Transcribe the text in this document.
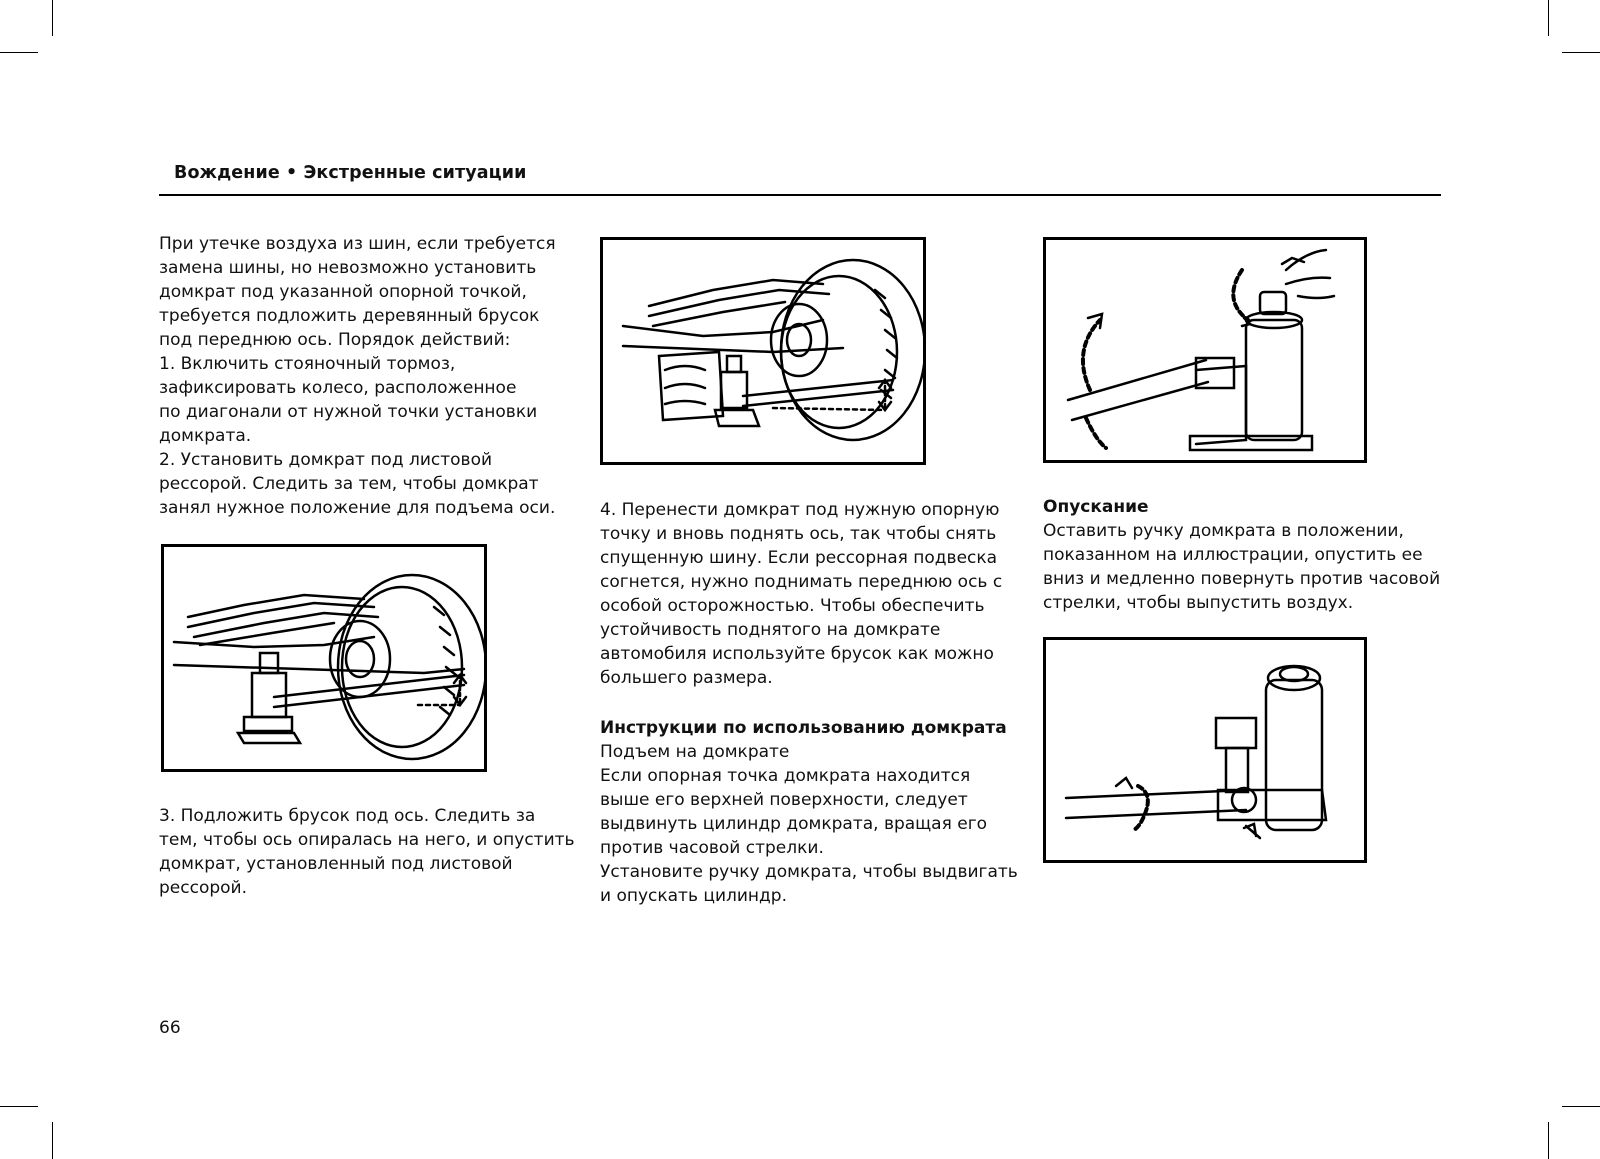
Вождение • Экстренные ситуации
При утечке воздуха из шин, если требуется
замена шины, но невозможно установить
домкрат под указанной опорной точкой,
требуется подложить деревянный брусок
под переднюю ось. Порядок действий:
1. Включить стояночный тормоз,
зафиксировать колесо, расположенное
по диагонали от нужной точки установки
домкрата.
2. Установить домкрат под листовой
рессорой. Следить за тем, чтобы домкрат
занял нужное положение для подъема оси.
3. Подложить брусок под ось. Следить за
тем, чтобы ось опиралась на него, и опустить
домкрат, установленный под листовой
рессорой.
4. Перенести домкрат под нужную опорную
точку и вновь поднять ось, так чтобы снять
спущенную шину. Если рессорная подвеска
согнется, нужно поднимать переднюю ось с
особой осторожностью. Чтобы обеспечить
устойчивость поднятого на домкрате
автомобиля используйте брусок как можно
большего размера.
Инструкции по использованию домкрата
Подъем на домкрате
Если опорная точка домкрата находится
выше его верхней поверхности, следует
выдвинуть цилиндр домкрата, вращая его
против часовой стрелки.
Установите ручку домкрата, чтобы выдвигать
и опускать цилиндр.
Опускание
Оставить ручку домкрата в положении,
показанном на иллюстрации, опустить ее
вниз и медленно повернуть против часовой
стрелки, чтобы выпустить воздух.
66
